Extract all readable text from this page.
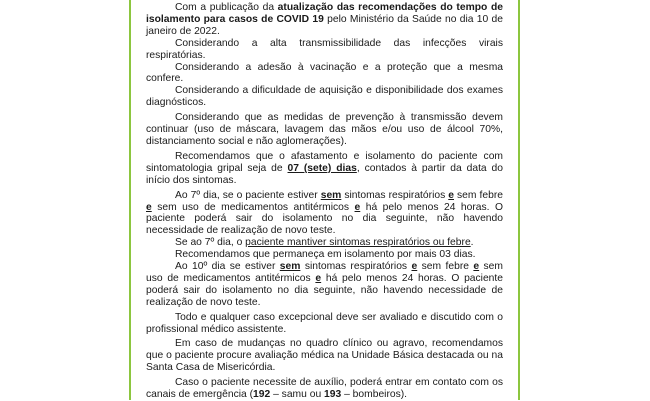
Com a publicação da atualização das recomendações do tempo de isolamento para casos de COVID 19 pelo Ministério da Saúde no dia 10 de janeiro de 2022.

Considerando a alta transmissibilidade das infecções virais respiratórias.

Considerando a adesão à vacinação e a proteção que a mesma confere.

Considerando a dificuldade de aquisição e disponibilidade dos exames diagnósticos.

Considerando que as medidas de prevenção à transmissão devem continuar (uso de máscara, lavagem das mãos e/ou uso de álcool 70%, distanciamento social e não aglomerações).

Recomendamos que o afastamento e isolamento do paciente com sintomatologia gripal seja de 07 (sete) dias, contados à partir da data do início dos sintomas.

Ao 7º dia, se o paciente estiver sem sintomas respiratórios e sem febre e sem uso de medicamentos antitérmicos e há pelo menos 24 horas. O paciente poderá sair do isolamento no dia seguinte, não havendo necessidade de realização de novo teste.

Se ao 7º dia, o paciente mantiver sintomas respiratórios ou febre.

Recomendamos que permaneça em isolamento por mais 03 dias.

Ao 10º dia se estiver sem sintomas respiratórios e sem febre e sem uso de medicamentos antitérmicos e há pelo menos 24 horas. O paciente poderá sair do isolamento no dia seguinte, não havendo necessidade de realização de novo teste.

Todo e qualquer caso excepcional deve ser avaliado e discutido com o profissional médico assistente.

Em caso de mudanças no quadro clínico ou agravo, recomendamos que o paciente procure avaliação médica na Unidade Básica destacada ou na Santa Casa de Misericórdia.

Caso o paciente necessite de auxílio, poderá entrar em contato com os canais de emergência (192 – samu ou 193 – bombeiros).
